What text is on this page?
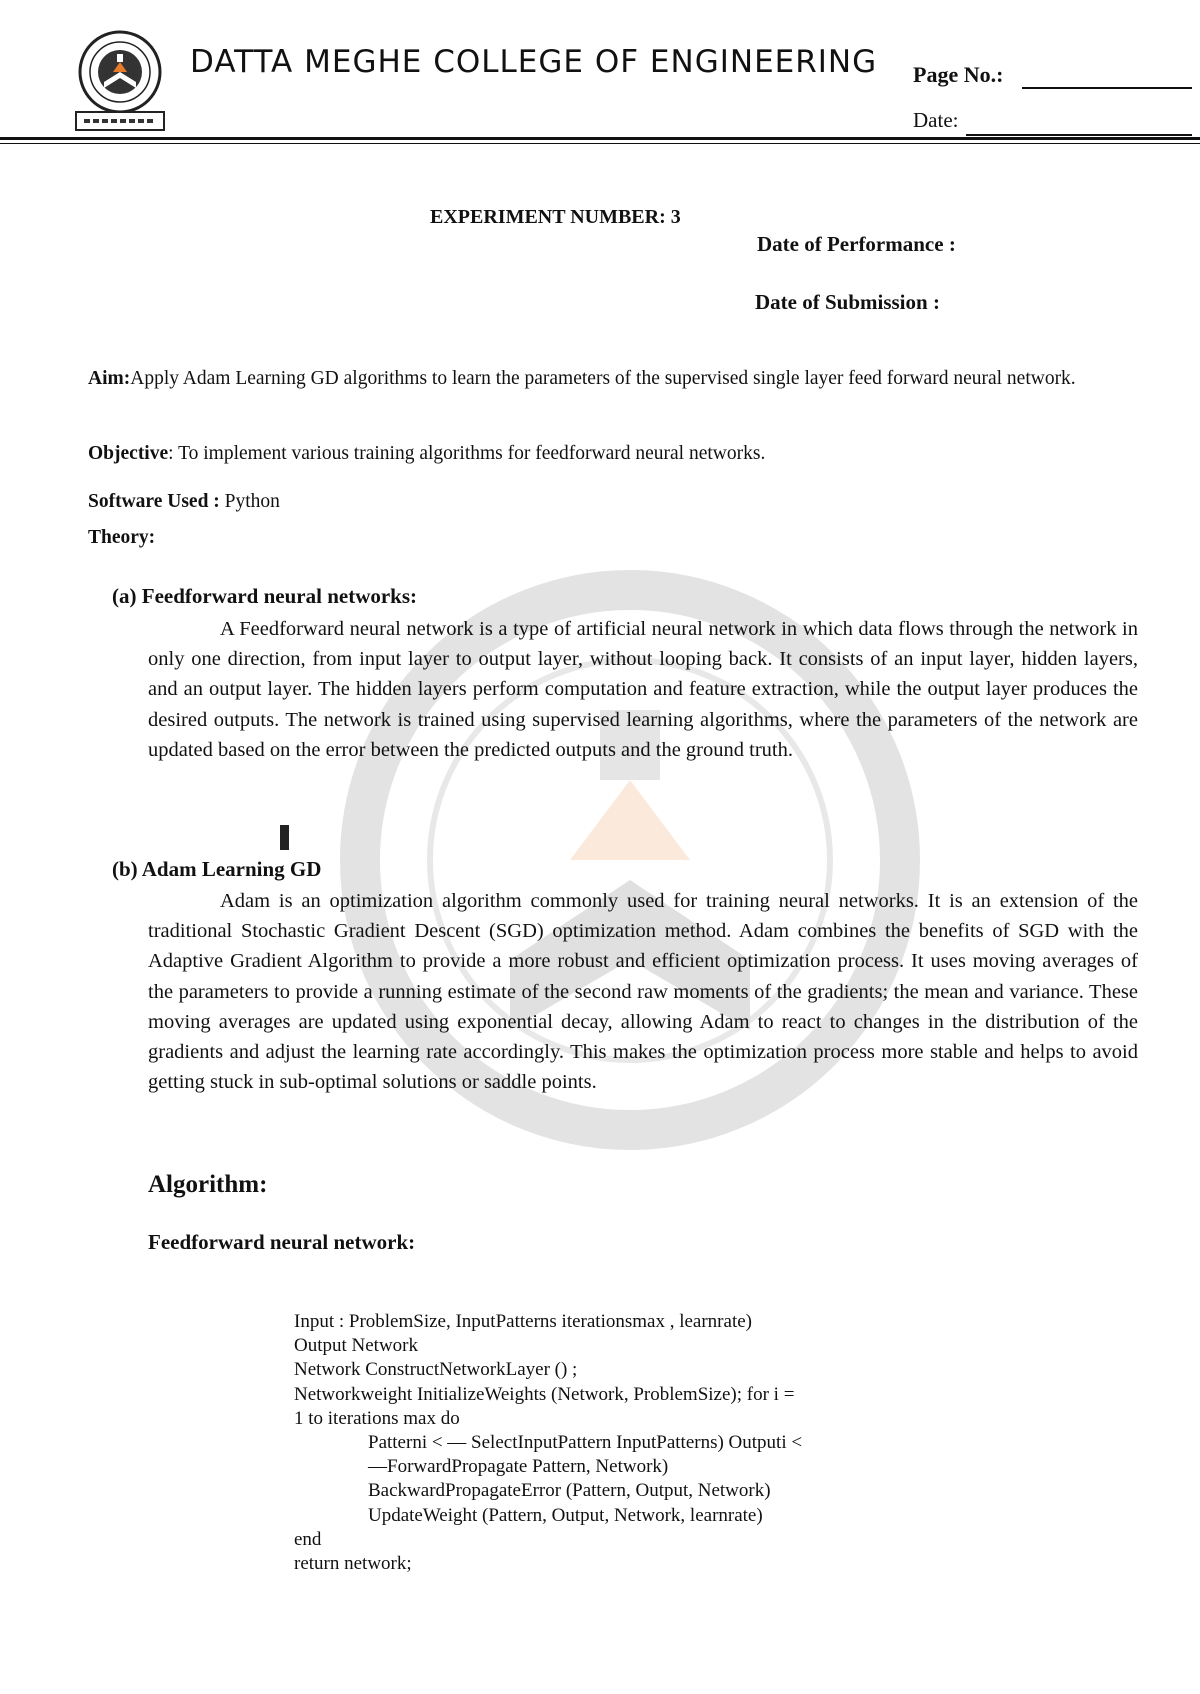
DATTA MEGHE COLLEGE OF ENGINEERING Page No.:
Date:
EXPERIMENT NUMBER: 3
Date of Performance :
Date of Submission :
Aim:Apply Adam Learning GD algorithms to learn the parameters of the supervised single layer feed forward neural network.
Objective: To implement various training algorithms for feedforward neural networks.
Software Used : Python
Theory:
(a) Feedforward neural networks:
A Feedforward neural network is a type of artificial neural network in which data flows through the network in only one direction, from input layer to output layer, without looping back. It consists of an input layer, hidden layers, and an output layer. The hidden layers perform computation and feature extraction, while the output layer produces the desired outputs. The network is trained using supervised learning algorithms, where the parameters of the network are updated based on the error between the predicted outputs and the ground truth.
(b) Adam Learning GD
Adam is an optimization algorithm commonly used for training neural networks. It is an extension of the traditional Stochastic Gradient Descent (SGD) optimization method. Adam combines the benefits of SGD with the Adaptive Gradient Algorithm to provide a more robust and efficient optimization process. It uses moving averages of the parameters to provide a running estimate of the second raw moments of the gradients; the mean and variance. These moving averages are updated using exponential decay, allowing Adam to react to changes in the distribution of the gradients and adjust the learning rate accordingly. This makes the optimization process more stable and helps to avoid getting stuck in sub-optimal solutions or saddle points.
Algorithm:
Feedforward neural network:
Input : ProblemSize, InputPatterns iterationsmax , learnrate)
Output Network
Network ConstructNetworkLayer () ;
Networkweight InitializeWeights (Network, ProblemSize); for i =
1 to iterations max do
Patterni < — SelectInputPattern InputPatterns) Outputi <
—ForwardPropagate Pattern, Network)
BackwardPropagateError (Pattern, Output, Network)
UpdateWeight (Pattern, Output, Network, learnrate)
end
return network;
